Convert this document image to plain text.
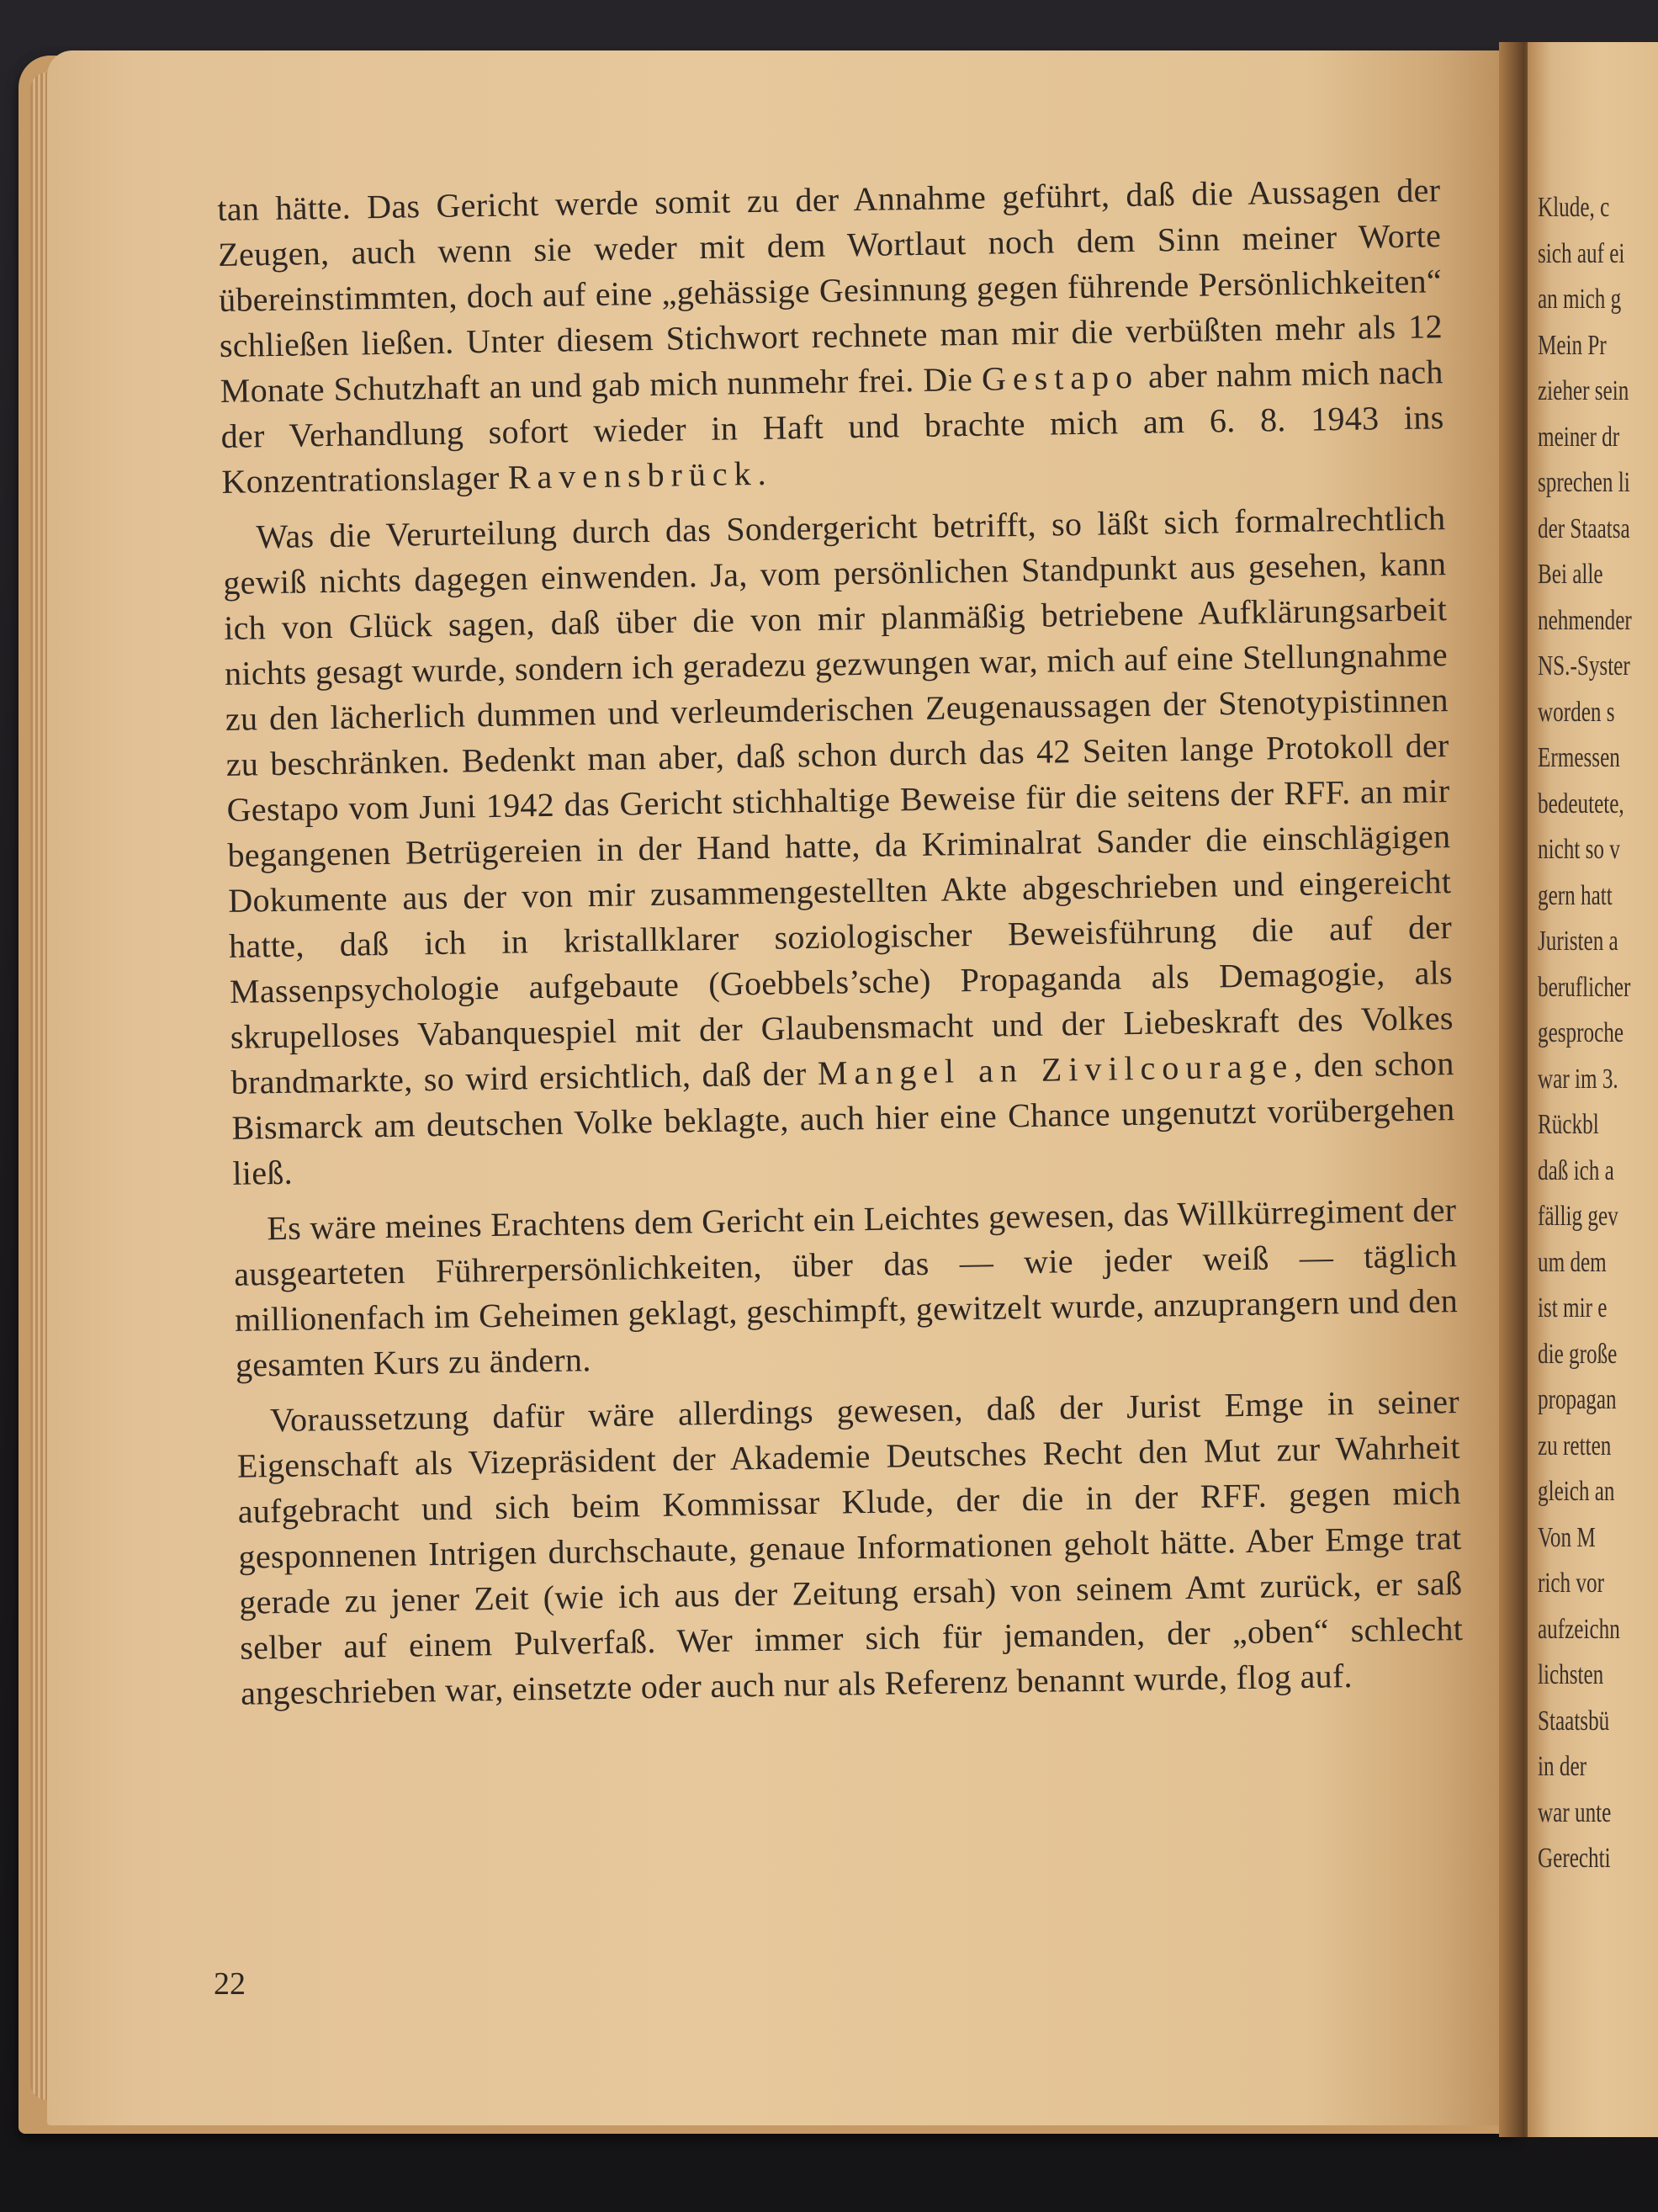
Klude, c
sich auf ei
an mich g
Mein Pr
zieher sein
meiner dr
sprechen li
der Staatsa
Bei alle
nehmender
NS.-Syster
worden s
Ermessen
bedeutete,
nicht so v
gern hatt
Juristen a
beruflicher
gesproche
war im 3.
Rückbl
daß ich a
fällig gev
um dem
ist mir e
die große
propagan
zu retten
gleich an
Von M
rich vor
aufzeichn
lichsten
Staatsbü
in der
war unte
Gerechti

tan hätte. Das Gericht werde somit zu der Annahme geführt, daß die Aussagen der Zeugen, auch wenn sie weder mit dem Wortlaut noch dem Sinn meiner Worte übereinstimmten, doch auf eine „gehässige Gesinnung gegen führende Persönlichkeiten“ schließen ließen. Unter diesem Stichwort rechnete man mir die verbüßten mehr als 12 Monate Schutzhaft an und gab mich nunmehr frei. Die Gestapo aber nahm mich nach der Verhandlung sofort wieder in Haft und brachte mich am 6. 8. 1943 ins Konzentrationslager Ravensbrück.

Was die Verurteilung durch das Sondergericht betrifft, so läßt sich formalrechtlich gewiß nichts dagegen einwenden. Ja, vom persönlichen Standpunkt aus gesehen, kann ich von Glück sagen, daß über die von mir planmäßig betriebene Aufklärungsarbeit nichts gesagt wurde, sondern ich geradezu gezwungen war, mich auf eine Stellungnahme zu den lächerlich dummen und verleumderischen Zeugenaussagen der Stenotypistinnen zu beschränken. Bedenkt man aber, daß schon durch das 42 Seiten lange Protokoll der Gestapo vom Juni 1942 das Gericht stichhaltige Beweise für die seitens der RFF. an mir begangenen Betrügereien in der Hand hatte, da Kriminalrat Sander die einschlägigen Dokumente aus der von mir zusammengestellten Akte abgeschrieben und eingereicht hatte, daß ich in kristallklarer soziologischer Beweisführung die auf der Massenpsychologie aufgebaute (Goebbels’sche) Propaganda als Demagogie, als skrupelloses Vabanquespiel mit der Glaubensmacht und der Liebeskraft des Volkes brandmarkte, so wird ersichtlich, daß der Mangel an Zivilcourage, den schon Bismarck am deutschen Volke beklagte, auch hier eine Chance ungenutzt vorübergehen ließ.

Es wäre meines Erachtens dem Gericht ein Leichtes gewesen, das Willkürregiment der ausgearteten Führerpersönlichkeiten, über das — wie jeder weiß — täglich millionenfach im Geheimen geklagt, geschimpft, gewitzelt wurde, anzuprangern und den gesamten Kurs zu ändern.

Voraussetzung dafür wäre allerdings gewesen, daß der Jurist Emge in seiner Eigenschaft als Vizepräsident der Akademie Deutsches Recht den Mut zur Wahrheit aufgebracht und sich beim Kommissar Klude, der die in der RFF. gegen mich gesponnenen Intrigen durchschaute, genaue Informationen geholt hätte. Aber Emge trat gerade zu jener Zeit (wie ich aus der Zeitung ersah) von seinem Amt zurück, er saß selber auf einem Pulverfaß. Wer immer sich für jemanden, der „oben“ schlecht angeschrieben war, einsetzte oder auch nur als Referenz benannt wurde, flog auf.

22
